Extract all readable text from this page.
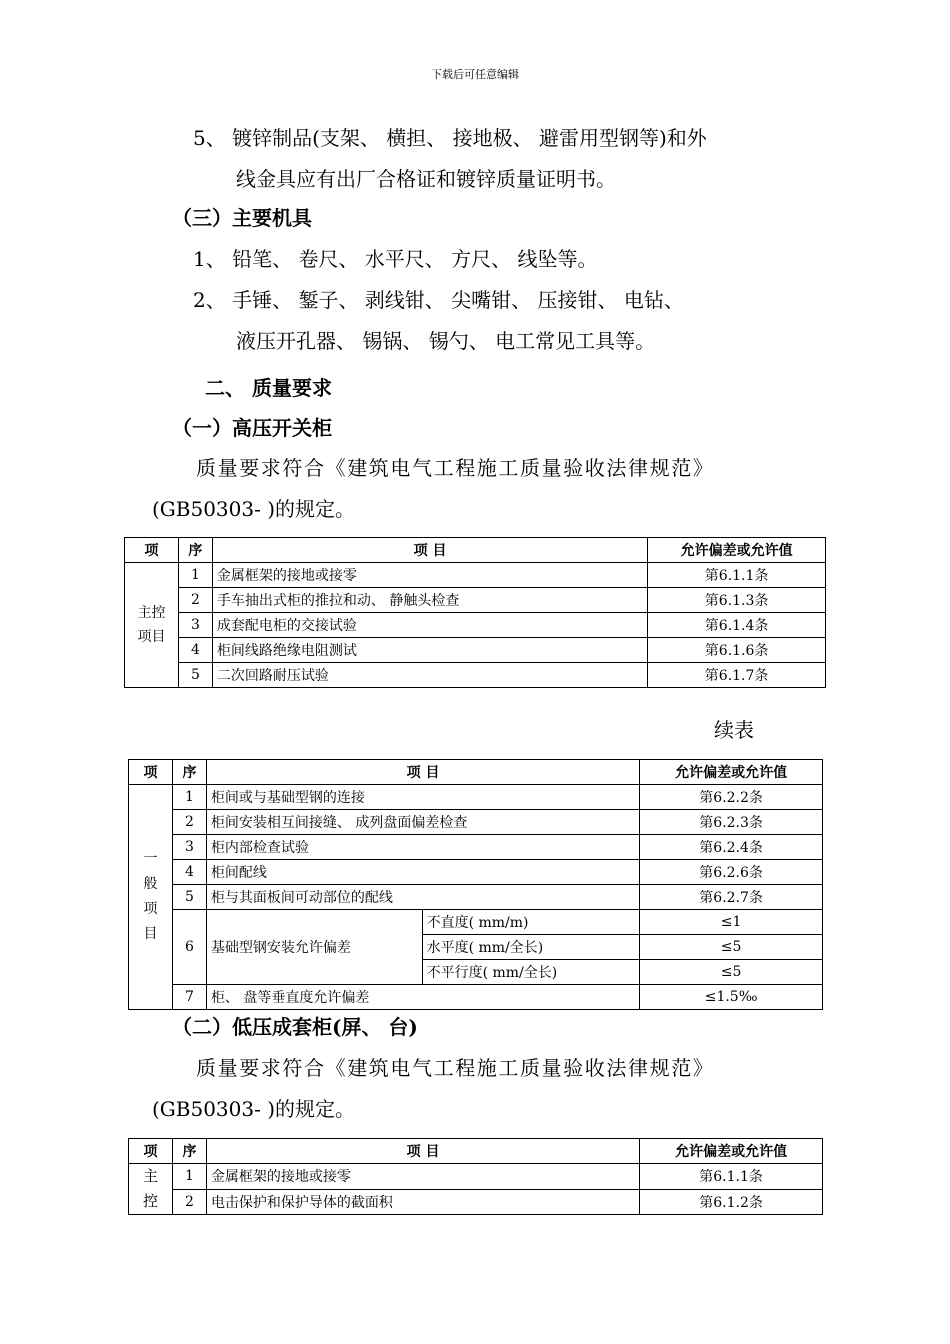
下载后可任意编辑
5、 镀锌制品(支架、 横担、 接地极、 避雷用型钢等)和外
线金具应有出厂合格证和镀锌质量证明书。
（三）主要机具
1、 铅笔、 卷尺、 水平尺、 方尺、 线坠等。
2、 手锤、 錾子、 剥线钳、 尖嘴钳、 压接钳、 电钻、
液压开孔器、 锡锅、 锡勺、 电工常见工具等。
二、 质量要求
（一）高压开关柜
质量要求符合《建筑电气工程施工质量验收法律规范》
(GB50303- )的规定。
项	序	项 目	允许偏差或允许值
主控项目	1	金属框架的接地或接零	第6.1.1条
	2	手车抽出式柜的推拉和动、 静触头检查	第6.1.3条
	3	成套配电柜的交接试验	第6.1.4条
	4	柜间线路绝缘电阻测试	第6.1.6条
	5	二次回路耐压试验	第6.1.7条
续表
项	序	项 目		允许偏差或允许值
一般项目	1	柜间或与基础型钢的连接		第6.2.2条
	2	柜间安装相互间接缝、 成列盘面偏差检查		第6.2.3条
	3	柜内部检查试验		第6.2.4条
	4	柜间配线		第6.2.6条
	5	柜与其面板间可动部位的配线		第6.2.7条
	6	基础型钢安装允许偏差	不直度( mm/m)	≤1
			水平度( mm/全长)	≤5
			不平行度( mm/全长)	≤5
	7	柜、 盘等垂直度允许偏差		≤1.5‰
（二）低压成套柜(屏、 台)
质量要求符合《建筑电气工程施工质量验收法律规范》
(GB50303- )的规定。
项	序	项 目	允许偏差或允许值
主控	1	金属框架的接地或接零	第6.1.1条
	2	电击保护和保护导体的截面积	第6.1.2条
